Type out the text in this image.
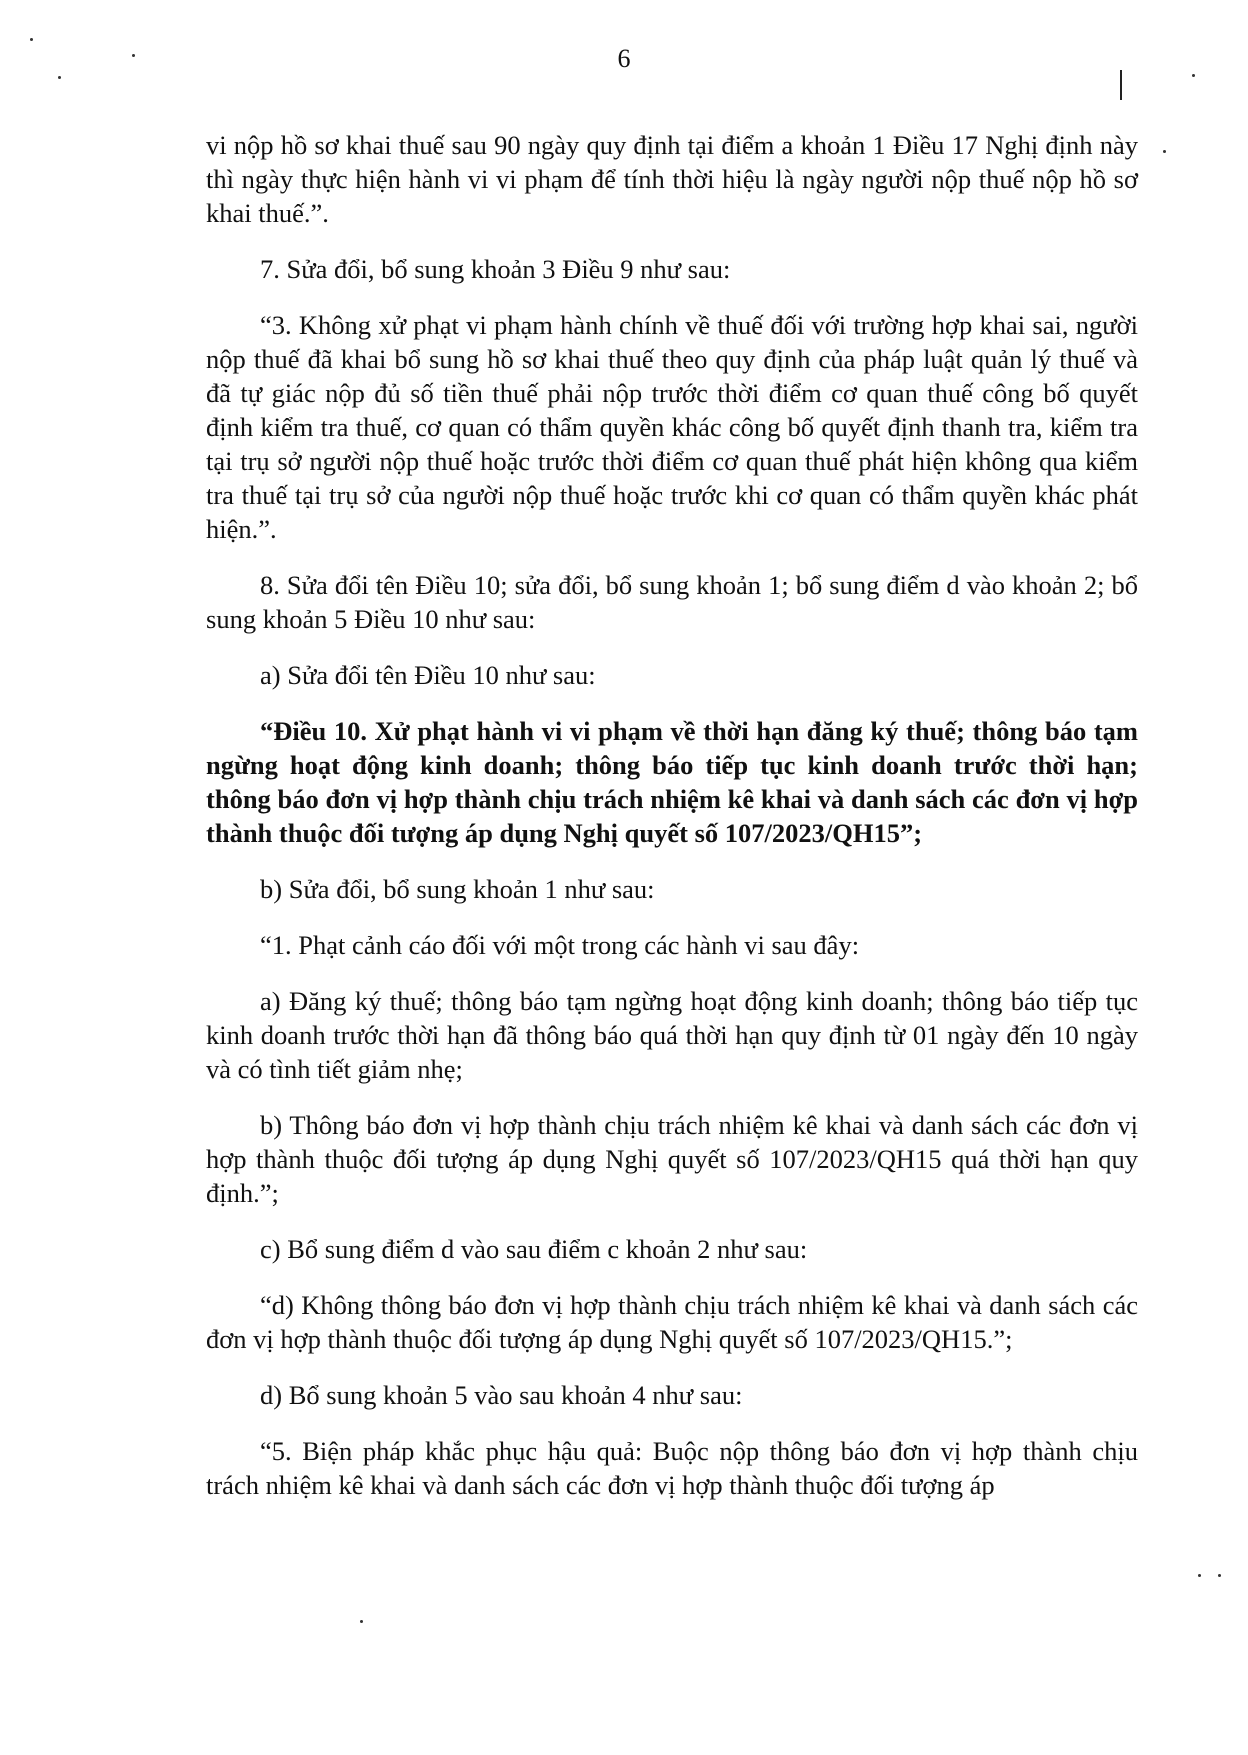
6

vi nộp hồ sơ khai thuế sau 90 ngày quy định tại điểm a khoản 1 Điều 17 Nghị định này thì ngày thực hiện hành vi vi phạm để tính thời hiệu là ngày người nộp thuế nộp hồ sơ khai thuế.”.

7. Sửa đổi, bổ sung khoản 3 Điều 9 như sau:

“3. Không xử phạt vi phạm hành chính về thuế đối với trường hợp khai sai, người nộp thuế đã khai bổ sung hồ sơ khai thuế theo quy định của pháp luật quản lý thuế và đã tự giác nộp đủ số tiền thuế phải nộp trước thời điểm cơ quan thuế công bố quyết định kiểm tra thuế, cơ quan có thẩm quyền khác công bố quyết định thanh tra, kiểm tra tại trụ sở người nộp thuế hoặc trước thời điểm cơ quan thuế phát hiện không qua kiểm tra thuế tại trụ sở của người nộp thuế hoặc trước khi cơ quan có thẩm quyền khác phát hiện.”.

8. Sửa đổi tên Điều 10; sửa đổi, bổ sung khoản 1; bổ sung điểm d vào khoản 2; bổ sung khoản 5 Điều 10 như sau:

a) Sửa đổi tên Điều 10 như sau:

“Điều 10. Xử phạt hành vi vi phạm về thời hạn đăng ký thuế; thông báo tạm ngừng hoạt động kinh doanh; thông báo tiếp tục kinh doanh trước thời hạn; thông báo đơn vị hợp thành chịu trách nhiệm kê khai và danh sách các đơn vị hợp thành thuộc đối tượng áp dụng Nghị quyết số 107/2023/QH15”;

b) Sửa đổi, bổ sung khoản 1 như sau:

“1. Phạt cảnh cáo đối với một trong các hành vi sau đây:

a) Đăng ký thuế; thông báo tạm ngừng hoạt động kinh doanh; thông báo tiếp tục kinh doanh trước thời hạn đã thông báo quá thời hạn quy định từ 01 ngày đến 10 ngày và có tình tiết giảm nhẹ;

b) Thông báo đơn vị hợp thành chịu trách nhiệm kê khai và danh sách các đơn vị hợp thành thuộc đối tượng áp dụng Nghị quyết số 107/2023/QH15 quá thời hạn quy định.”;

c) Bổ sung điểm d vào sau điểm c khoản 2 như sau:

“d) Không thông báo đơn vị hợp thành chịu trách nhiệm kê khai và danh sách các đơn vị hợp thành thuộc đối tượng áp dụng Nghị quyết số 107/2023/QH15.”;

d) Bổ sung khoản 5 vào sau khoản 4 như sau:

“5. Biện pháp khắc phục hậu quả: Buộc nộp thông báo đơn vị hợp thành chịu trách nhiệm kê khai và danh sách các đơn vị hợp thành thuộc đối tượng áp
